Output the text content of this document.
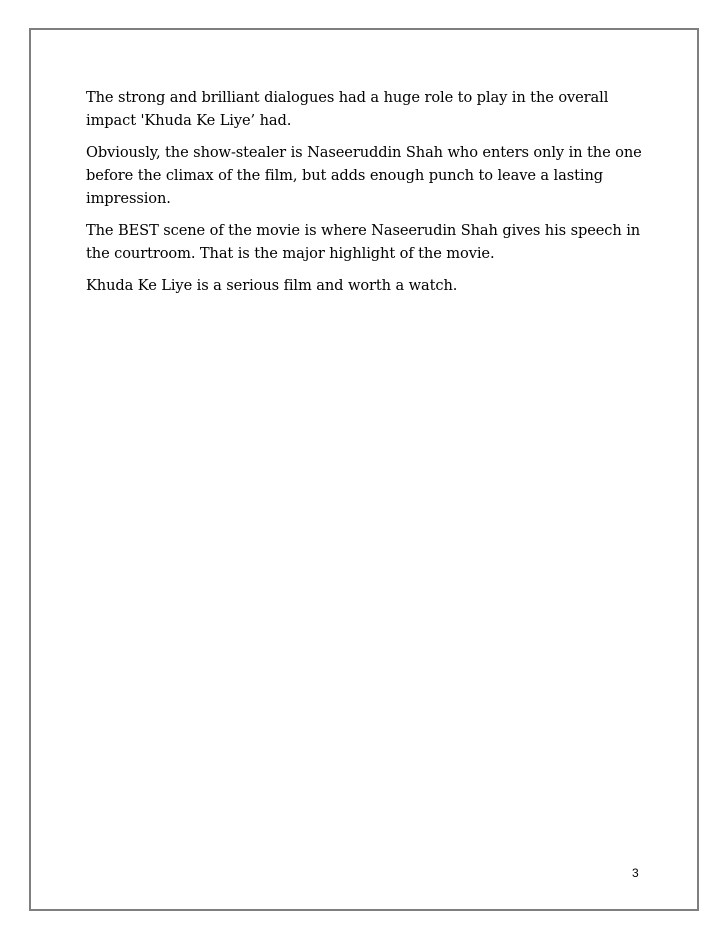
The strong and brilliant dialogues had a huge role to play in the overall impact 'Khuda Ke Liye’ had.

Obviously, the show-stealer is Naseeruddin Shah who enters only in the one before the climax of the film, but adds enough punch to leave a lasting impression.

The BEST scene of the movie is where Naseerudin Shah gives his speech in the courtroom. That is the major highlight of the movie.

Khuda Ke Liye is a serious film and worth a watch.

3
